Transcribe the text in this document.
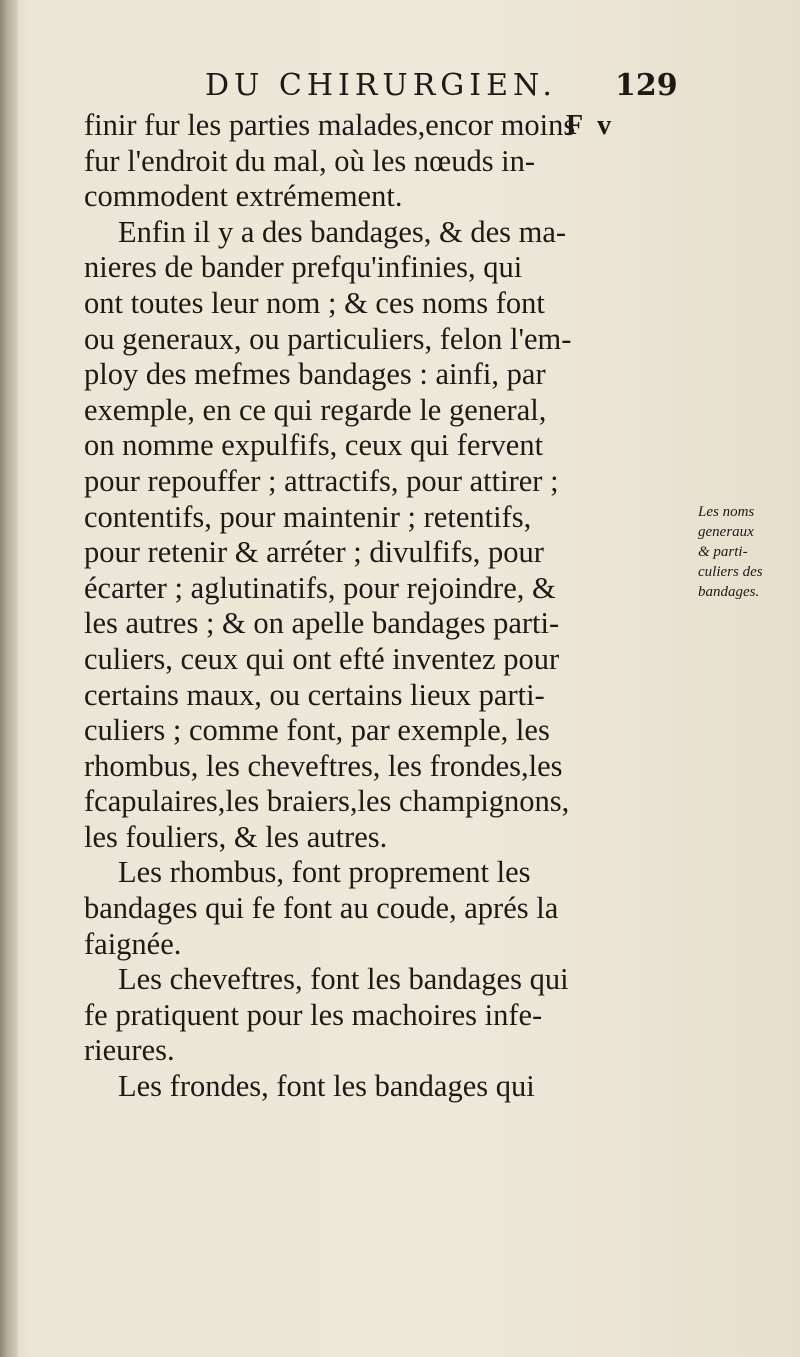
DU CHIRURGIEN. 129
finir fur les parties malades,encor moins
fur l'endroit du mal, où les nœuds in-
commodent extrémement.
Enfin il y a des bandages, & des ma-
nieres de bander prefqu'infinies, qui
ont toutes leur nom ; & ces noms font
ou generaux, ou particuliers, felon l'em-
ploy des mefmes bandages : ainfi, par
exemple, en ce qui regarde le general,
on nomme expulfifs, ceux qui fervent
pour repouffer ; attractifs, pour attirer ;
contentifs, pour maintenir ; retentifs,
pour retenir & arréter ; divulfifs, pour
écarter ; aglutinatifs, pour rejoindre, &
les autres ; & on apelle bandages parti-
culiers, ceux qui ont efté inventez pour
certains maux, ou certains lieux parti-
culiers ; comme font, par exemple, les
rhombus, les cheveftres, les frondes,les
fcapulaires,les braiers,les champignons,
les fouliers, & les autres.
Les rhombus, font proprement les
bandages qui fe font au coude, aprés la
faignée.
Les cheveftres, font les bandages qui
fe pratiquent pour les machoires infe-
rieures.
Les frondes, font les bandages qui
F v
Les noms
generaux
& parti-
culiers des
bandages.
